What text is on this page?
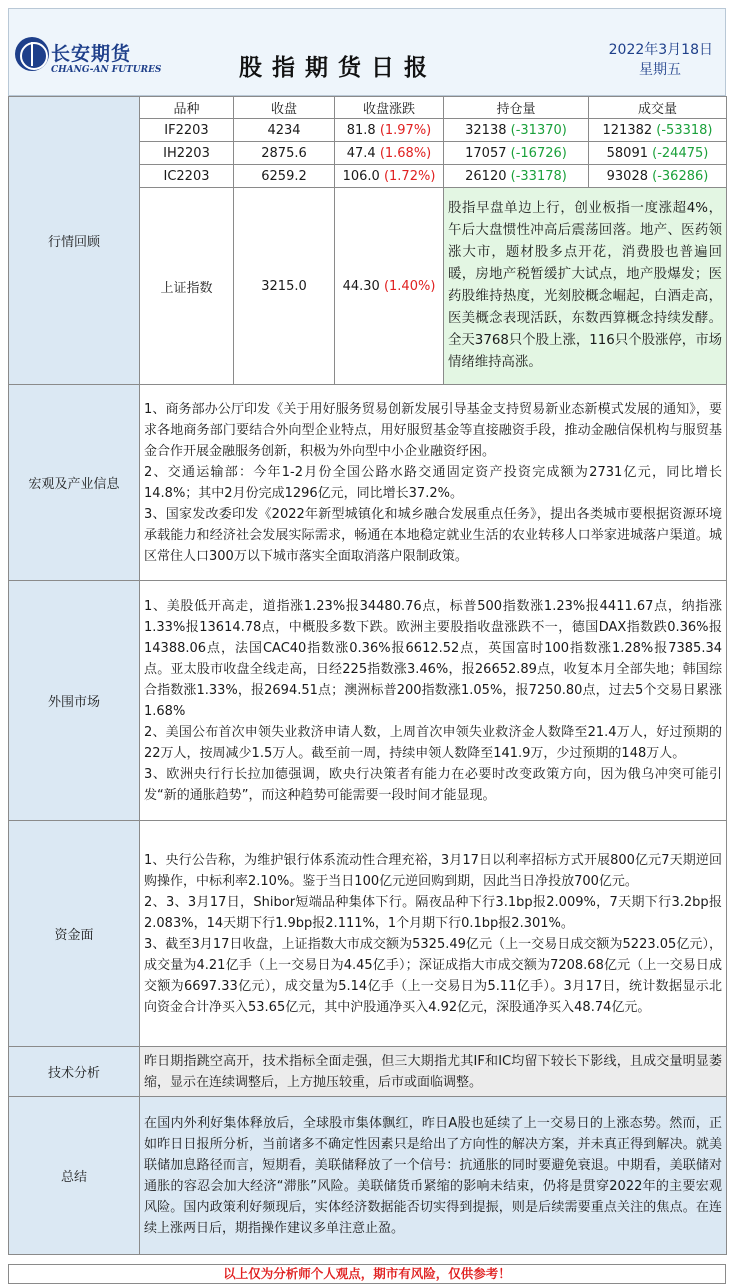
长安期货
CHANG-AN FUTURES	股指期货日报
2022年3月18日
星期五
行情回顾	品种	收盘	收盘涨跌	持仓量	成交量
	IF2203	4234	81.8 (1.97%)	32138 (-31370)	121382 (-53318)
	IH2203	2875.6	47.4 (1.68%)	17057 (-16726)	58091 (-24475)
	IC2203	6259.2	106.0 (1.72%)	26120 (-33178)	93028 (-36286)
	上证指数	3215.0	44.30 (1.40%)	股指早盘单边上行，创业板指一度涨超4%，午后大盘惯性冲高后震荡回落。地产、医药领涨大市，题材股多点开花，消费股也普遍回暖，房地产税暂缓扩大试点，地产股爆发；医药股维持热度，光刻胶概念崛起，白酒走高，医美概念表现活跃，东数西算概念持续发酵。全天3768只个股上涨，116只个股涨停，市场情绪维持高涨。	
宏观及产业信息	1、商务部办公厅印发《关于用好服务贸易创新发展引导基金支持贸易新业态新模式发展的通知》，要求各地商务部门要结合外向型企业特点，用好服贸基金等直接融资手段，推动金融信保机构与服贸基金合作开展金融服务创新，积极为外向型中小企业融资纾困。
2、交通运输部：今年1-2月份全国公路水路交通固定资产投资完成额为2731亿元，同比增长14.8%；其中2月份完成1296亿元，同比增长37.2%。
3、国家发改委印发《2022年新型城镇化和城乡融合发展重点任务》，提出各类城市要根据资源环境承载能力和经济社会发展实际需求，畅通在本地稳定就业生活的农业转移人口举家进城落户渠道。城区常住人口300万以下城市落实全面取消落户限制政策。				

外围市场	1、美股低开高走，道指涨1.23%报34480.76点，标普500指数涨1.23%报4411.67点，纳指涨1.33%报13614.78点，中概股多数下跌。欧洲主要股指收盘涨跌不一，德国DAX指数跌0.36%报14388.06点，法国CAC40指数涨0.36%报6612.52点，英国富时100指数涨1.28%报7385.34点。亚太股市收盘全线走高，日经225指数涨3.46%，报26652.89点，收复本月全部失地；韩国综合指数涨1.33%，报2694.51点；澳洲标普200指数涨1.05%，报7250.80点，过去5个交易日累涨1.68%
2、美国公布首次申领失业救济申请人数，上周首次申领失业救济金人数降至21.4万人，好过预期的22万人，按周减少1.5万人。截至前一周，持续申领人数降至141.9万，少过预期的148万人。
3、欧洲央行行长拉加德强调，欧央行决策者有能力在必要时改变政策方向，因为俄乌冲突可能引发“新的通胀趋势”，而这种趋势可能需要一段时间才能显现。				

资金面	1、央行公告称，为维护银行体系流动性合理充裕，3月17日以利率招标方式开展800亿元7天期逆回购操作，中标利率2.10%。鉴于当日100亿元逆回购到期，因此当日净投放700亿元。
2、3、3月17日，Shibor短端品种集体下行。隔夜品种下行3.1bp报2.009%，7天期下行3.2bp报2.083%，14天期下行1.9bp报2.111%，1个月期下行0.1bp报2.301%。
3、截至3月17日收盘，上证指数大市成交额为5325.49亿元（上一交易日成交额为5223.05亿元），成交量为4.21亿手（上一交易日为4.45亿手）；深证成指大市成交额为7208.68亿元（上一交易日成交额为6697.33亿元），成交量为5.14亿手（上一交易日为5.11亿手）。3月17日，统计数据显示北向资金合计净买入53.65亿元，其中沪股通净买入4.92亿元，深股通净买入48.74亿元。				

技术分析	昨日期指跳空高开，技术指标全面走强，但三大期指尤其IF和IC均留下较长下影线，且成交量明显萎缩，显示在连续调整后，上方抛压较重，后市或面临调整。				
总结	在国内外利好集体释放后，全球股市集体飘红，昨日A股也延续了上一交易日的上涨态势。然而，正如昨日日报所分析，当前诸多不确定性因素只是给出了方向性的解决方案，并未真正得到解决。就美联储加息路径而言，短期看，美联储释放了一个信号：抗通胀的同时要避免衰退。中期看，美联储对通胀的容忍会加大经济“滞胀”风险。美联储货币紧缩的影响未结束，仍将是贯穿2022年的主要宏观风险。国内政策利好频现后，实体经济数据能否切实得到提振，则是后续需要重点关注的焦点。在连续上涨两日后，期指操作建议多单注意止盈。				
以上仅为分析师个人观点，期市有风险，仅供参考！
